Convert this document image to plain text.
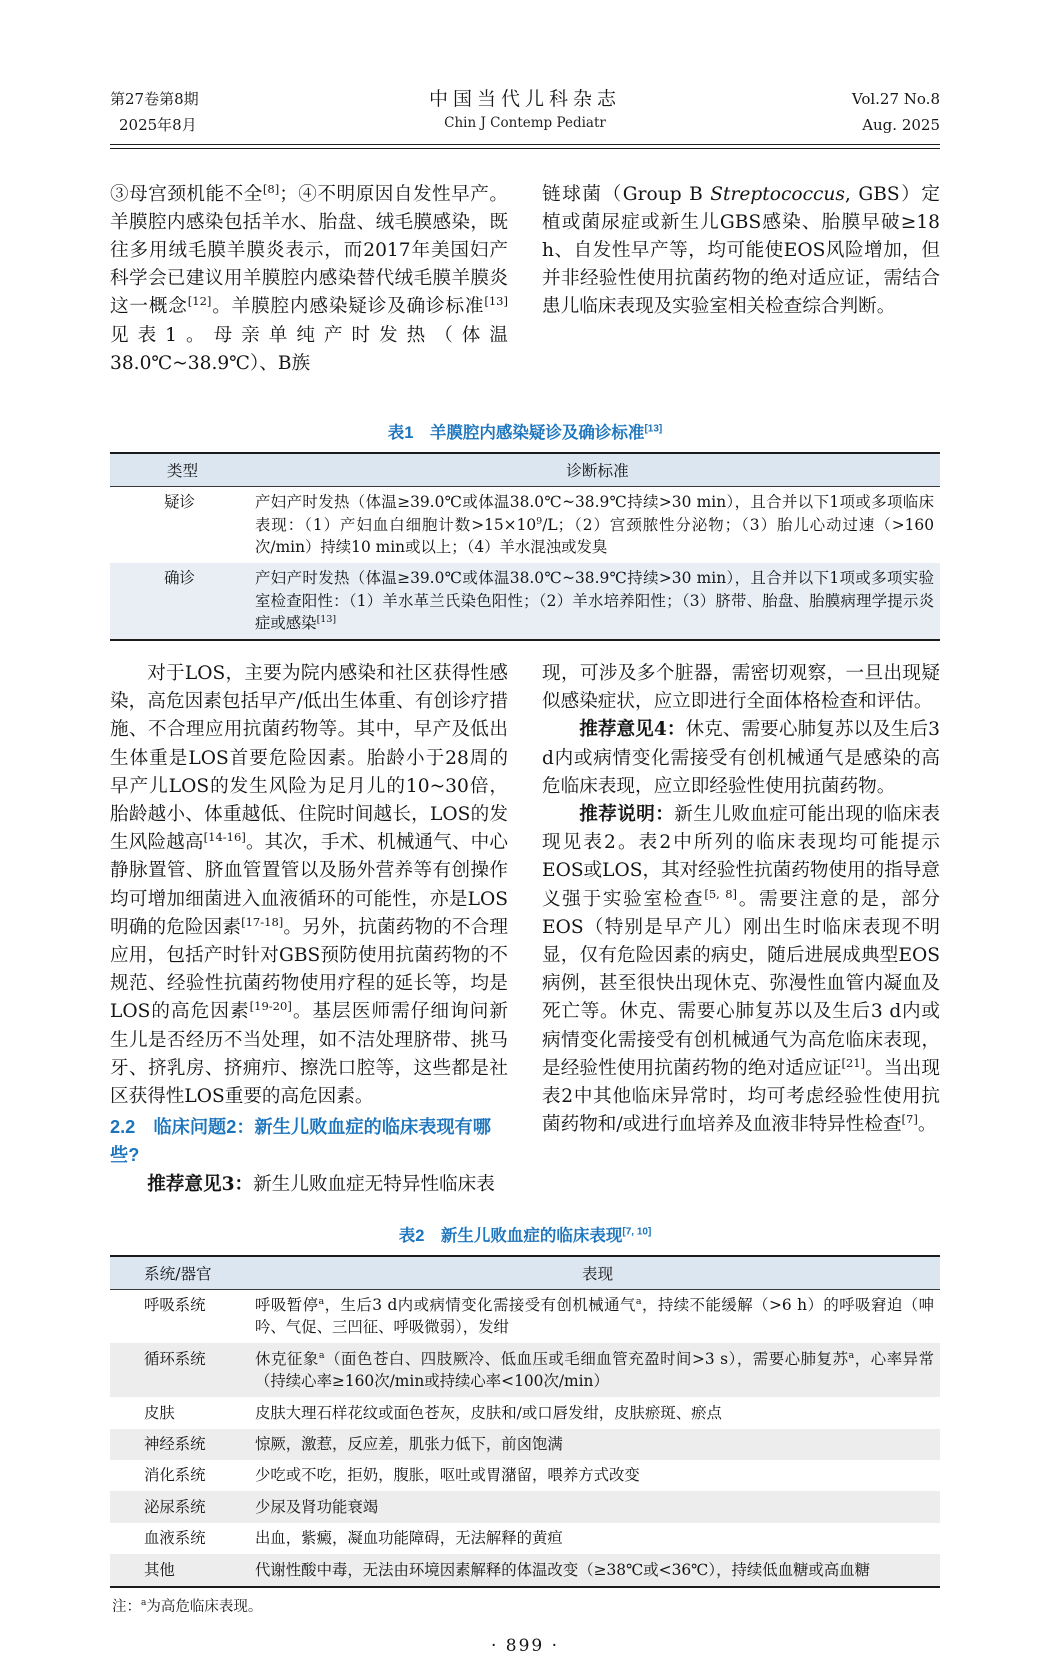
第27卷第8期
2025年8月
中国当代儿科杂志
Chin J Contemp Pediatr
Vol.27 No.8
Aug. 2025

③母宫颈机能不全[8]；④不明原因自发性早产。羊膜腔内感染包括羊水、胎盘、绒毛膜感染，既往多用绒毛膜羊膜炎表示，而2017年美国妇产科学会已建议用羊膜腔内感染替代绒毛膜羊膜炎这一概念[12]。羊膜腔内感染疑诊及确诊标准[13]见表1。母亲单纯产时发热（体温38.0℃~38.9℃）、B族

链球菌（Group B Streptococcus, GBS）定植或菌尿症或新生儿GBS感染、胎膜早破≥18 h、自发性早产等，均可能使EOS风险增加，但并非经验性使用抗菌药物的绝对适应证，需结合患儿临床表现及实验室相关检查综合判断。

表1　羊膜腔内感染疑诊及确诊标准[13]
类型	诊断标准
疑诊	产妇产时发热（体温≥39.0℃或体温38.0℃~38.9℃持续>30 min），且合并以下1项或多项临床表现：（1）产妇血白细胞计数$>15\times 10^9/L$；（2）宫颈脓性分泌物；（3）胎儿心动过速（>160次/min）持续10 min或以上；（4）羊水混浊或发臭
确诊	产妇产时发热（体温≥39.0℃或体温38.0℃~38.9℃持续>30 min），且合并以下1项或多项实验室检查阳性：（1）羊水革兰氏染色阳性；（2）羊水培养阳性；（3）脐带、胎盘、胎膜病理学提示炎症或感染[13]

对于LOS，主要为院内感染和社区获得性感染，高危因素包括早产/低出生体重、有创诊疗措施、不合理应用抗菌药物等。其中，早产及低出生体重是LOS首要危险因素。胎龄小于28周的早产儿LOS的发生风险为足月儿的10~30倍，胎龄越小、体重越低、住院时间越长，LOS的发生风险越高[14-16]。其次，手术、机械通气、中心静脉置管、脐血管置管以及肠外营养等有创操作均可增加细菌进入血液循环的可能性，亦是LOS明确的危险因素[17-18]。另外，抗菌药物的不合理应用，包括产时针对GBS预防使用抗菌药物的不规范、经验性抗菌药物使用疗程的延长等，均是LOS的高危因素[19-20]。基层医师需仔细询问新生儿是否经历不当处理，如不洁处理脐带、挑马牙、挤乳房、挤痈疖、擦洗口腔等，这些都是社区获得性LOS重要的高危因素。

2.2　临床问题2：新生儿败血症的临床表现有哪些?

推荐意见3：新生儿败血症无特异性临床表

现，可涉及多个脏器，需密切观察，一旦出现疑似感染症状，应立即进行全面体格检查和评估。

推荐意见4：休克、需要心肺复苏以及生后3 d内或病情变化需接受有创机械通气是感染的高危临床表现，应立即经验性使用抗菌药物。

推荐说明：新生儿败血症可能出现的临床表现见表2。表2中所列的临床表现均可能提示EOS或LOS，其对经验性抗菌药物使用的指导意义强于实验室检查[5, 8]。需要注意的是，部分EOS（特别是早产儿）刚出生时临床表现不明显，仅有危险因素的病史，随后进展成典型EOS病例，甚至很快出现休克、弥漫性血管内凝血及死亡等。休克、需要心肺复苏以及生后3 d内或病情变化需接受有创机械通气为高危临床表现，是经验性使用抗菌药物的绝对适应证[21]。当出现表2中其他临床异常时，均可考虑经验性使用抗菌药物和/或进行血培养及血液非特异性检查[7]。

表2　新生儿败血症的临床表现[7, 10]
系统/器官	表现
呼吸系统	呼吸暂停$^a$，生后3 d内或病情变化需接受有创机械通气$^a$，持续不能缓解（>6 h）的呼吸窘迫（呻吟、气促、三凹征、呼吸微弱），发绀
循环系统	休克征象$^a$（面色苍白、四肢厥冷、低血压或毛细血管充盈时间>3 s），需要心肺复苏$^a$，心率异常（持续心率≥160次/min或持续心率<100次/min）
皮肤	皮肤大理石样花纹或面色苍灰，皮肤和/或口唇发绀，皮肤瘀斑、瘀点
神经系统	惊厥，激惹，反应差，肌张力低下，前囟饱满
消化系统	少吃或不吃，拒奶，腹胀，呕吐或胃潴留，喂养方式改变
泌尿系统	少尿及肾功能衰竭
血液系统	出血，紫癜，凝血功能障碍，无法解释的黄疸
其他	代谢性酸中毒，无法由环境因素解释的体温改变（≥38℃或<36℃），持续低血糖或高血糖

注：$^a$为高危临床表现。

· 899 ·
